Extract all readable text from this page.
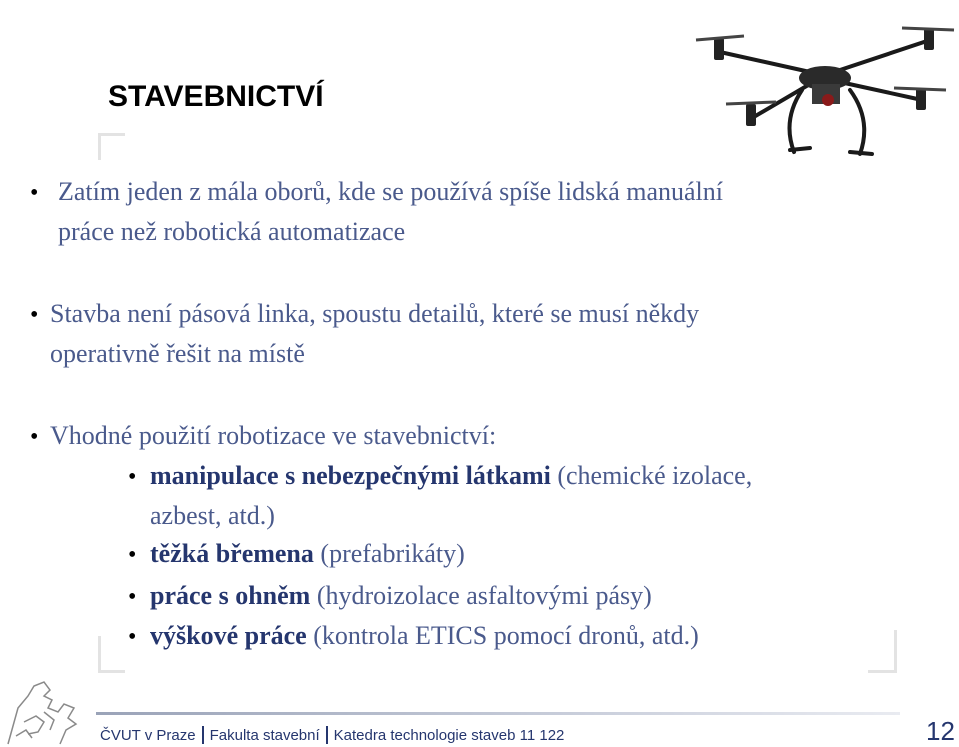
STAVEBNICTVÍ
• Zatím jeden z mála oborů, kde se používá spíše lidská manuální
práce než robotická automatizace
• Stavba není pásová linka, spoustu detailů, které se musí někdy
operativně řešit na místě
• Vhodné použití robotizace ve stavebnictví:
• manipulace s nebezpečnými látkami (chemické izolace,
azbest, atd.)
• těžká břemena (prefabrikáty)
• práce s ohněm (hydroizolace asfaltovými pásy)
• výškové práce (kontrola ETICS pomocí dronů, atd.)
ČVUT v Praze Fakulta stavební Katedra technologie staveb 11 122	12
